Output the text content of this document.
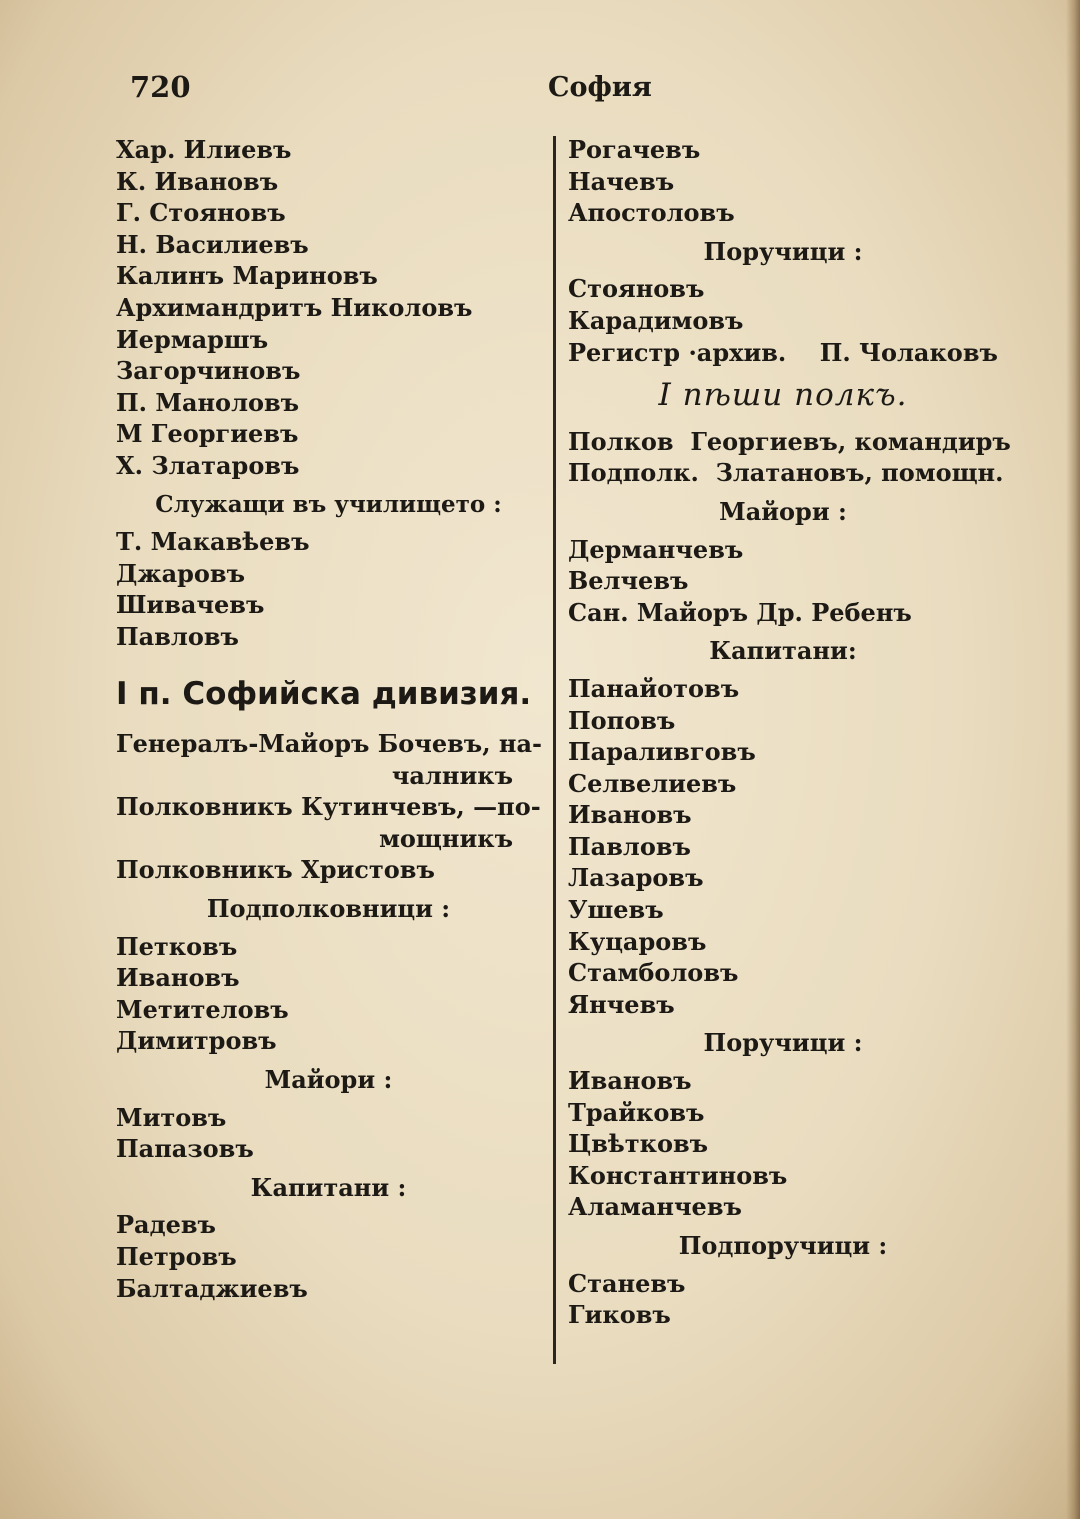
720	София
Хар. Илиевъ
К. Ивановъ
Г. Стояновъ
Н. Василиевъ
Калинъ Мариновъ
Архимандритъ Николовъ
Иермаршъ
Загорчиновъ
П. Маноловъ
М Георгиевъ
Х. Златаровъ
Служащи въ училището :
Т. Макавѣевъ
Джаровъ
Шивачевъ
Павловъ
I п. Софийска дивизия.
Генералъ-Майоръ Бочевъ, на-
чалникъ
Полковникъ Кутинчевъ, —по-
мощникъ
Полковникъ Христовъ
Подполковници :
Петковъ
Ивановъ
Метителовъ
Димитровъ
Майори :
Митовъ
Папазовъ
Капитани :
Радевъ
Петровъ
Балтаджиевъ
Рогачевъ
Начевъ
Апостоловъ
Поручици :
Стояновъ
Карадимовъ
Регистр ·архив. П. Чолаковъ
I пѣши полкъ.
Полков Георгиевъ, командиръ
Подполк. Златановъ, помощн.
Майори :
Дерманчевъ
Велчевъ
Сан. Майоръ Др. Ребенъ
Капитани:
Панайотовъ
Поповъ
Параливговъ
Селвелиевъ
Ивановъ
Павловъ
Лазаровъ
Ушевъ
Куцаровъ
Стамболовъ
Янчевъ
Поручици :
Ивановъ
Трайковъ
Цвѣтковъ
Константиновъ
Аламанчевъ
Подпоручици :
Станевъ
Гиковъ
